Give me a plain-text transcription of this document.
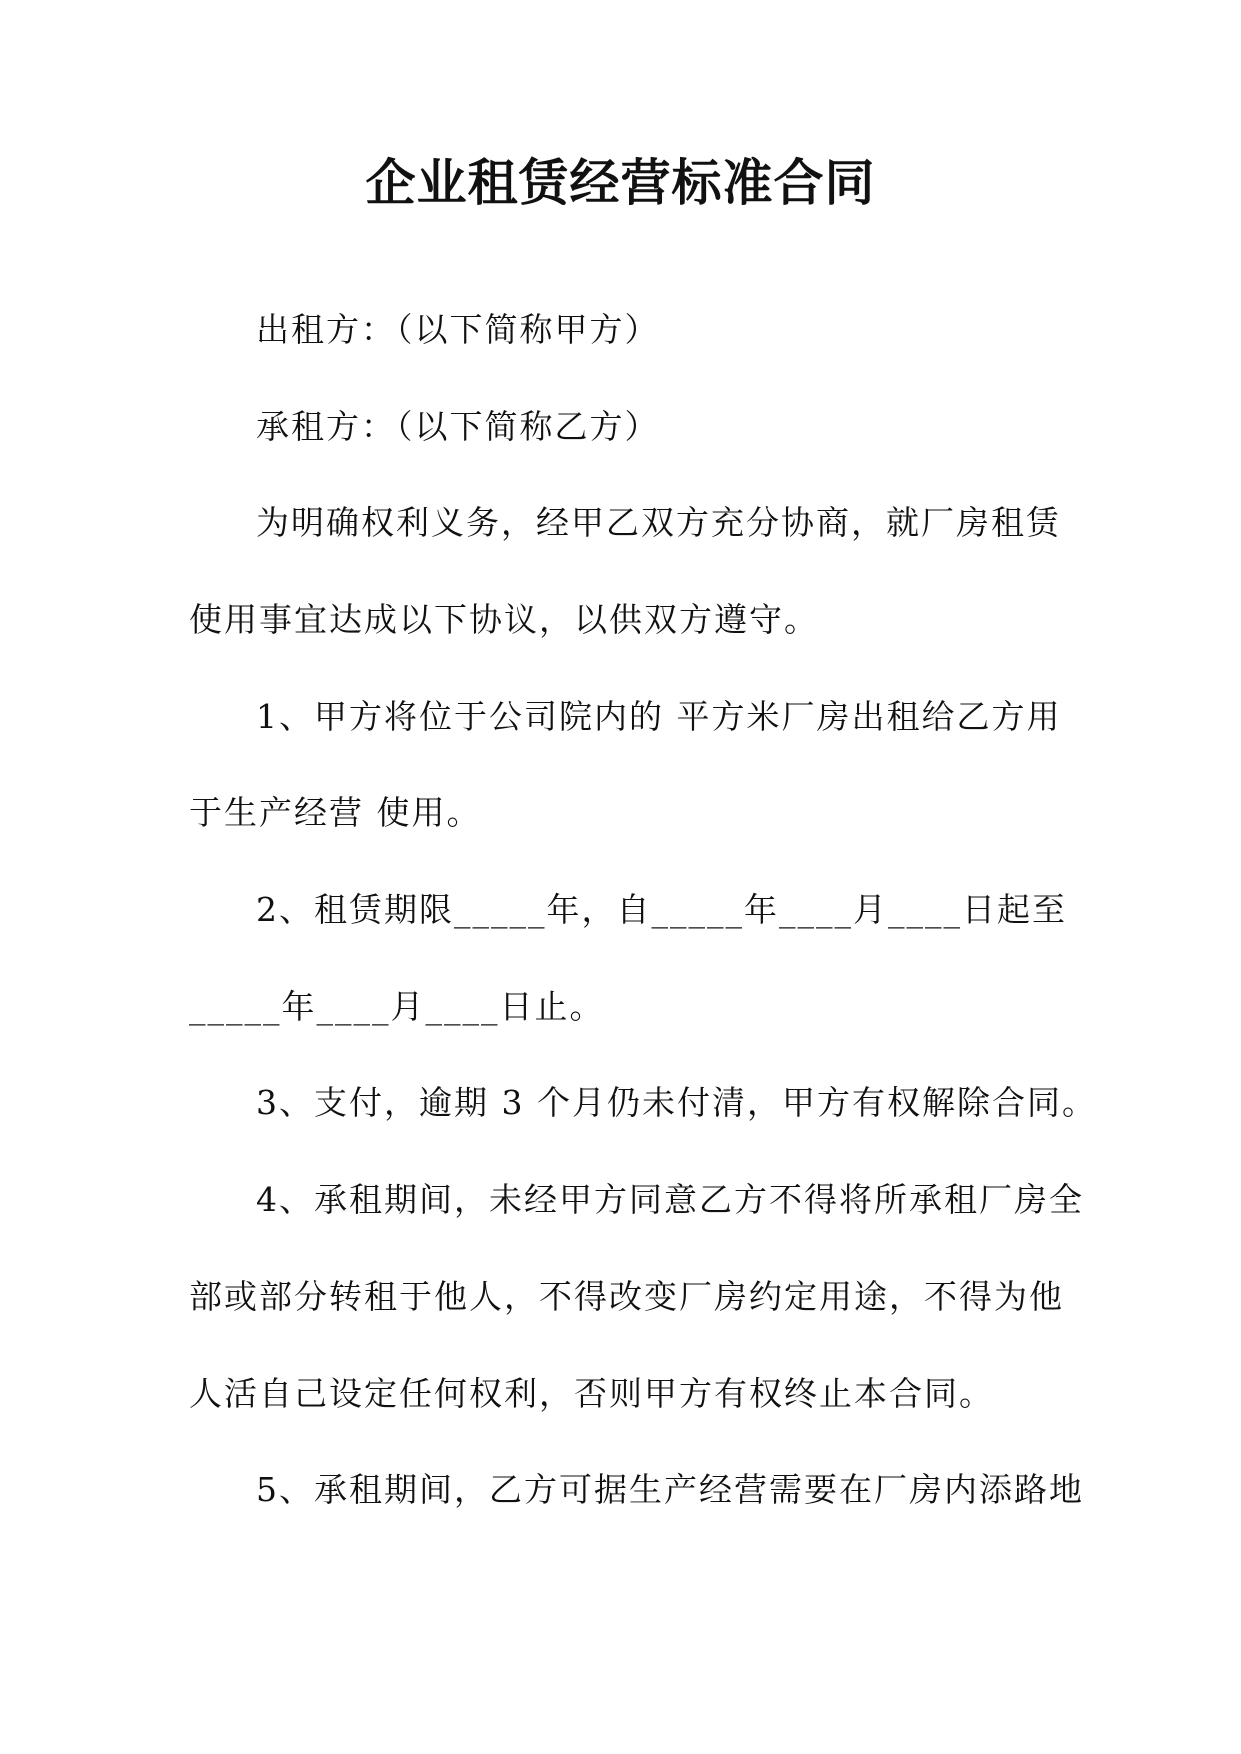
企业租赁经营标准合同
出租方：（以下简称甲方）
承租方：（以下简称乙方）
为明确权利义务，经甲乙双方充分协商，就厂房租赁
使用事宜达成以下协议，以供双方遵守。
1、甲方将位于公司院内的 平方米厂房出租给乙方用
于生产经营 使用。
2、租赁期限_____年，自_____年____月____日起至
_____年____月____日止。
3、支付，逾期 3 个月仍未付清，甲方有权解除合同。
4、承租期间，未经甲方同意乙方不得将所承租厂房全
部或部分转租于他人，不得改变厂房约定用途，不得为他
人活自己设定任何权利，否则甲方有权终止本合同。
5、承租期间，乙方可据生产经营需要在厂房内添路地
